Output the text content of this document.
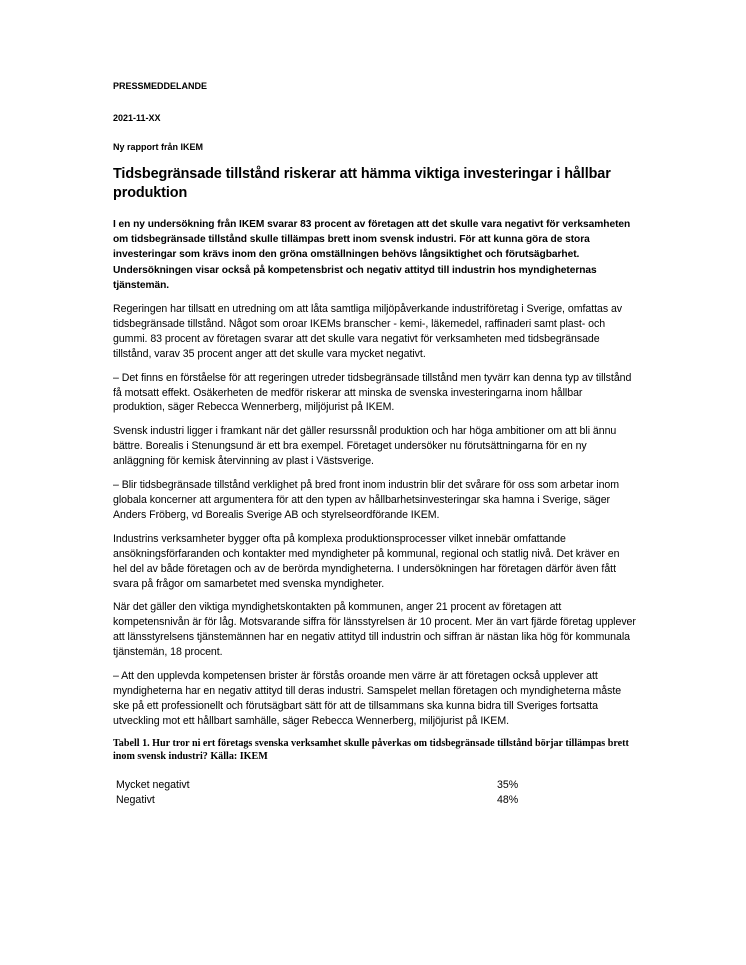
PRESSMEDDELANDE

2021-11-XX

Ny rapport från IKEM

Tidsbegränsade tillstånd riskerar att hämma viktiga investeringar i hållbar produktion

I en ny undersökning från IKEM svarar 83 procent av företagen att det skulle vara negativt för verksamheten om tidsbegränsade tillstånd skulle tillämpas brett inom svensk industri. För att kunna göra de stora investeringar som krävs inom den gröna omställningen behövs långsiktighet och förutsägbarhet. Undersökningen visar också på kompetensbrist och negativ attityd till industrin hos myndigheternas tjänstemän.

Regeringen har tillsatt en utredning om att låta samtliga miljöpåverkande industriföretag i Sverige, omfattas av tidsbegränsade tillstånd. Något som oroar IKEMs branscher - kemi-, läkemedel, raffinaderi samt plast- och gummi. 83 procent av företagen svarar att det skulle vara negativt för verksamheten med tidsbegränsade tillstånd, varav 35 procent anger att det skulle vara mycket negativt.

– Det finns en förståelse för att regeringen utreder tidsbegränsade tillstånd men tyvärr kan denna typ av tillstånd få motsatt effekt. Osäkerheten de medför riskerar att minska de svenska investeringarna inom hållbar produktion, säger Rebecca Wennerberg, miljöjurist på IKEM.

Svensk industri ligger i framkant när det gäller resurssnål produktion och har höga ambitioner om att bli ännu bättre. Borealis i Stenungsund är ett bra exempel. Företaget undersöker nu förutsättningarna för en ny anläggning för kemisk återvinning av plast i Västsverige.

– Blir tidsbegränsade tillstånd verklighet på bred front inom industrin blir det svårare för oss som arbetar inom globala koncerner att argumentera för att den typen av hållbarhetsinvesteringar ska hamna i Sverige, säger Anders Fröberg, vd Borealis Sverige AB och styrelseordförande IKEM.

Industrins verksamheter bygger ofta på komplexa produktionsprocesser vilket innebär omfattande ansökningsförfaranden och kontakter med myndigheter på kommunal, regional och statlig nivå. Det kräver en hel del av både företagen och av de berörda myndigheterna. I undersökningen har företagen därför även fått svara på frågor om samarbetet med svenska myndigheter.

När det gäller den viktiga myndighetskontakten på kommunen, anger 21 procent av företagen att kompetensnivån är för låg. Motsvarande siffra för länsstyrelsen är 10 procent. Mer än vart fjärde företag upplever att länsstyrelsens tjänstemännen har en negativ attityd till industrin och siffran är nästan lika hög för kommunala tjänstemän, 18 procent.

– Att den upplevda kompetensen brister är förstås oroande men värre är att företagen också upplever att myndigheterna har en negativ attityd till deras industri. Samspelet mellan företagen och myndigheterna måste ske på ett professionellt och förutsägbart sätt för att de tillsammans ska kunna bidra till Sveriges fortsatta utveckling mot ett hållbart samhälle, säger Rebecca Wennerberg, miljöjurist på IKEM.

Tabell 1. Hur tror ni ert företags svenska verksamhet skulle påverkas om tidsbegränsade tillstånd börjar tillämpas brett inom svensk industri? Källa: IKEM

Mycket negativt	35%
Negativt	48%
